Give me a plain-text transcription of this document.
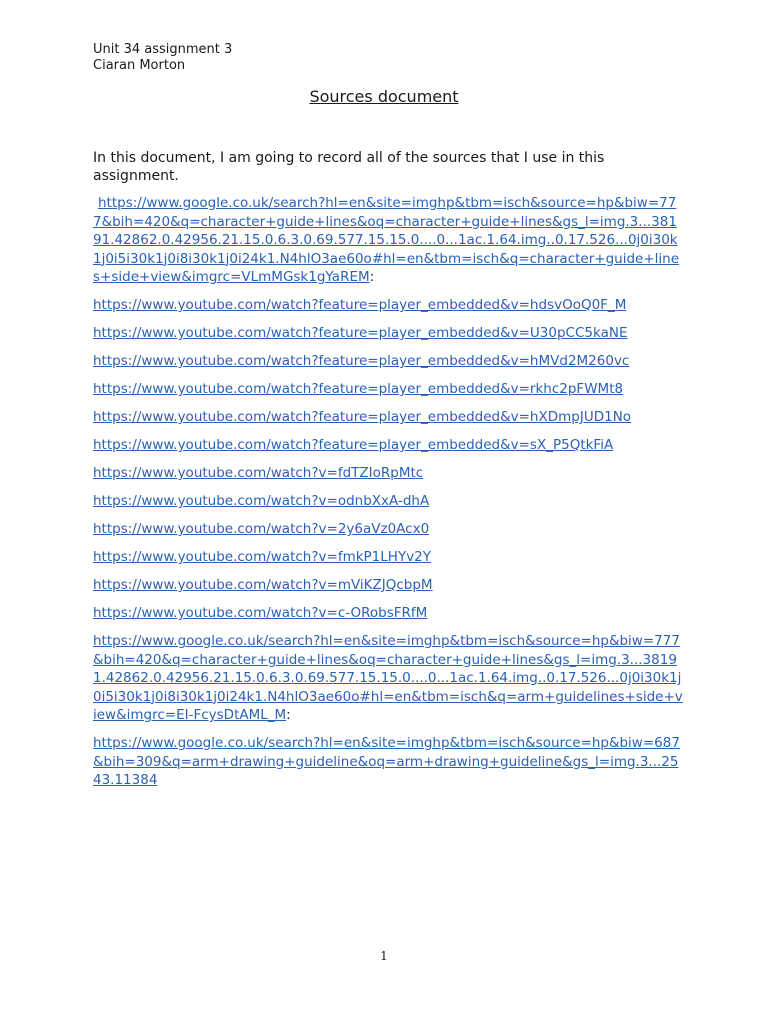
Unit 34 assignment 3
Ciaran Morton
Sources document
In this document, I am going to record all of the sources that I use in this assignment.
https://www.google.co.uk/search?hl=en&site=imghp&tbm=isch&source=hp&biw=777&bih=420&q=character+guide+lines&oq=character+guide+lines&gs_l=img.3...38191.42862.0.42956.21.15.0.6.3.0.69.577.15.15.0....0...1ac.1.64.img..0.17.526...0j0i30k1j0i5i30k1j0i8i30k1j0i24k1.N4hlO3ae60o#hl=en&tbm=isch&q=character+guide+lines+side+view&imgrc=VLmMGsk1gYaREM:
https://www.youtube.com/watch?feature=player_embedded&v=hdsvOoQ0F_M
https://www.youtube.com/watch?feature=player_embedded&v=U30pCC5kaNE
https://www.youtube.com/watch?feature=player_embedded&v=hMVd2M260vc
https://www.youtube.com/watch?feature=player_embedded&v=rkhc2pFWMt8
https://www.youtube.com/watch?feature=player_embedded&v=hXDmpJUD1No
https://www.youtube.com/watch?feature=player_embedded&v=sX_P5QtkFiA
https://www.youtube.com/watch?v=fdTZIoRpMtc
https://www.youtube.com/watch?v=odnbXxA-dhA
https://www.youtube.com/watch?v=2y6aVz0Acx0
https://www.youtube.com/watch?v=fmkP1LHYv2Y
https://www.youtube.com/watch?v=mViKZJQcbpM
https://www.youtube.com/watch?v=c-ORobsFRfM
https://www.google.co.uk/search?hl=en&site=imghp&tbm=isch&source=hp&biw=777&bih=420&q=character+guide+lines&oq=character+guide+lines&gs_l=img.3...38191.42862.0.42956.21.15.0.6.3.0.69.577.15.15.0....0...1ac.1.64.img..0.17.526...0j0i30k1j0i5i30k1j0i8i30k1j0i24k1.N4hlO3ae60o#hl=en&tbm=isch&q=arm+guidelines+side+view&imgrc=EI-FcysDtAML_M:
https://www.google.co.uk/search?hl=en&site=imghp&tbm=isch&source=hp&biw=687&bih=309&q=arm+drawing+guideline&oq=arm+drawing+guideline&gs_l=img.3...2543.11384
1
